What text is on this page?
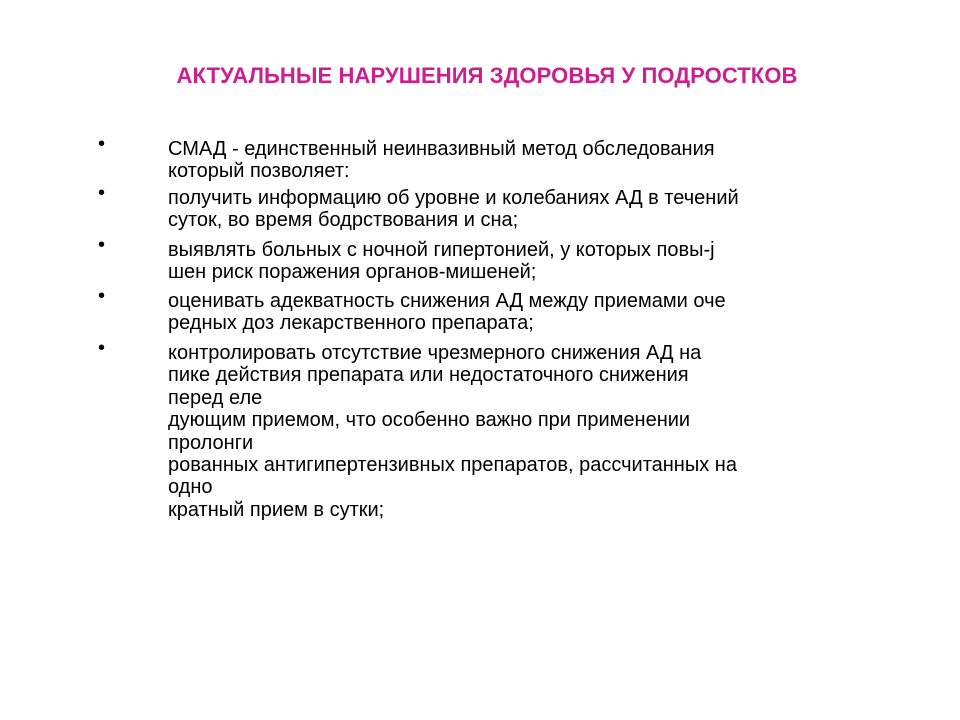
АКТУАЛЬНЫЕ НАРУШЕНИЯ ЗДОРОВЬЯ У ПОДРОСТКОВ
•	СМАД - единственный неинвазивный метод обследования
который позволяет:
•	получить информацию об уровне и колебаниях АД в течений
суток, во время бодрствования и сна;
•	выявлять больных с ночной гипертонией, у которых повы-j
шен риск поражения органов-мишеней;
•	оценивать адекватность снижения АД между приемами оче
редных доз лекарственного препарата;
•	контролировать отсутствие чрезмерного снижения АД на
пике действия препарата или недостаточного снижения
перед еле
дующим приемом, что особенно важно при применении
пролонги
рованных антигипертензивных препаратов, рассчитанных на
одно
кратный прием в сутки;
